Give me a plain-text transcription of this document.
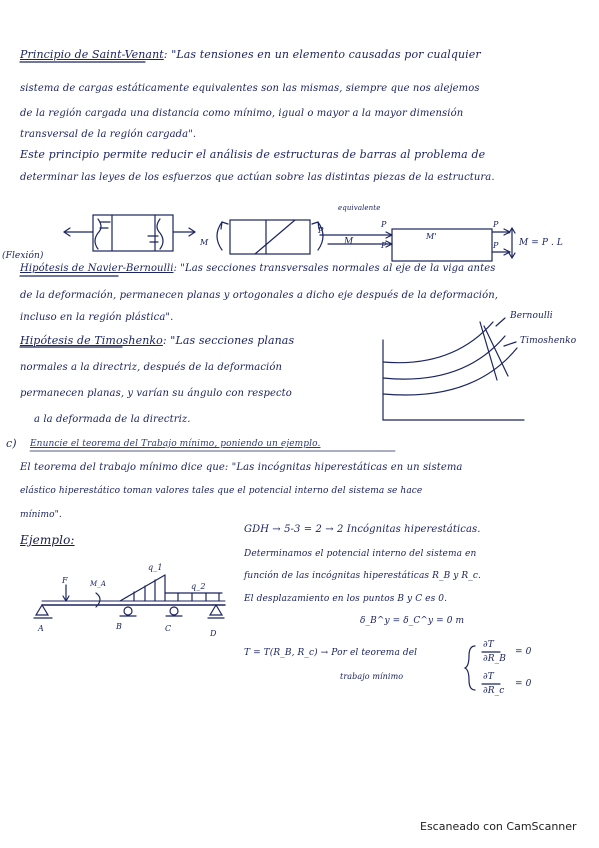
Principio de Saint-Venant: "Las tensiones en un elemento causadas por cualquier
sistema de cargas estáticamente equivalentes son las mismas, siempre que nos alejemos
de la región cargada una distancia como mínimo, igual o mayor a la mayor dimensión
transversal de la región cargada".
Este principio permite reducir el análisis de estructuras de barras al problema de
determinar las leyes de los esfuerzos que actúan sobre las distintas piezas de la estructura.
equivalente
M	M
P
P
P
P
P
M'
M = P . L
(Flexión)
Hipótesis de Navier-Bernoulli: "Las secciones transversales normales al eje de la viga antes
de la deformación, permanecen planas y ortogonales a dicho eje después de la deformación,
incluso en la región plástica".
Hipótesis de Timoshenko: "Las secciones planas
normales a la directriz, después de la deformación
permanecen planas, y varían su ángulo con respecto
a la deformada de la directriz.
Bernoulli
Timoshenko
c) Enuncie el teorema del Trabajo mínimo, poniendo un ejemplo.
El teorema del trabajo mínimo dice que: "Las incógnitas hiperestáticas en un sistema
elástico hiperestático toman valores tales que el potencial interno del sistema se hace
mínimo".
Ejemplo:
GDH → 5-3 = 2 → 2 Incógnitas hiperestáticas.
Determinamos el potencial interno del sistema en
función de las incógnitas hiperestáticas R_B y R_c.
El desplazamiento en los puntos B y C es 0.
δ_B^y = δ_C^y = 0 m
T = T(R_B, R_c) → Por el teorema del
trabajo mínimo
∂T
∂R_B
= 0
∂T
∂R_c
= 0
F	M_A
q_1
q_2
A	B	C
D
Escaneado con CamScanner
